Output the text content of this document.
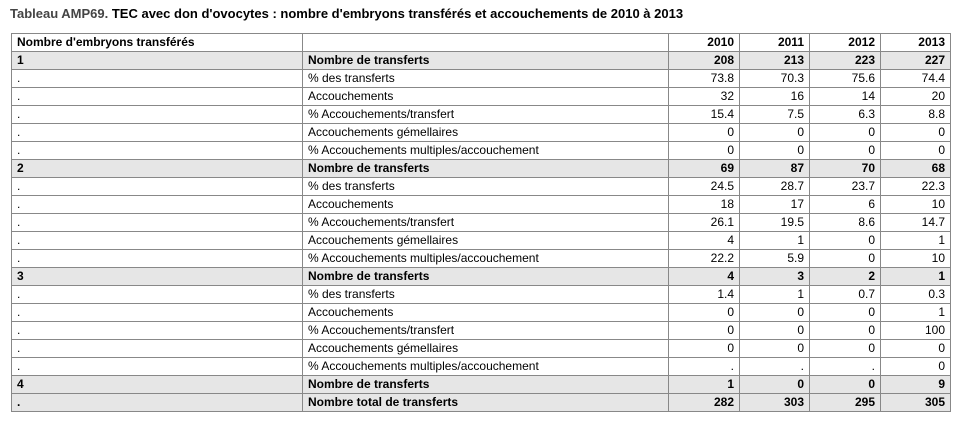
Tableau AMP69. TEC avec don d'ovocytes : nombre d'embryons transférés et accouchements de 2010 à 2013
Nombre d'embryons transférés		2010	2011	2012	2013
1	Nombre de transferts	208	213	223	227
.	% des transferts	73.8	70.3	75.6	74.4
.	Accouchements	32	16	14	20
.	% Accouchements/transfert	15.4	7.5	6.3	8.8
.	Accouchements gémellaires	0	0	0	0
.	% Accouchements multiples/accouchement	0	0	0	0
2	Nombre de transferts	69	87	70	68
.	% des transferts	24.5	28.7	23.7	22.3
.	Accouchements	18	17	6	10
.	% Accouchements/transfert	26.1	19.5	8.6	14.7
.	Accouchements gémellaires	4	1	0	1
.	% Accouchements multiples/accouchement	22.2	5.9	0	10
3	Nombre de transferts	4	3	2	1
.	% des transferts	1.4	1	0.7	0.3
.	Accouchements	0	0	0	1
.	% Accouchements/transfert	0	0	0	100
.	Accouchements gémellaires	0	0	0	0
.	% Accouchements multiples/accouchement	.	.	.	0
4	Nombre de transferts	1	0	0	9
.	Nombre total de transferts	282	303	295	305
